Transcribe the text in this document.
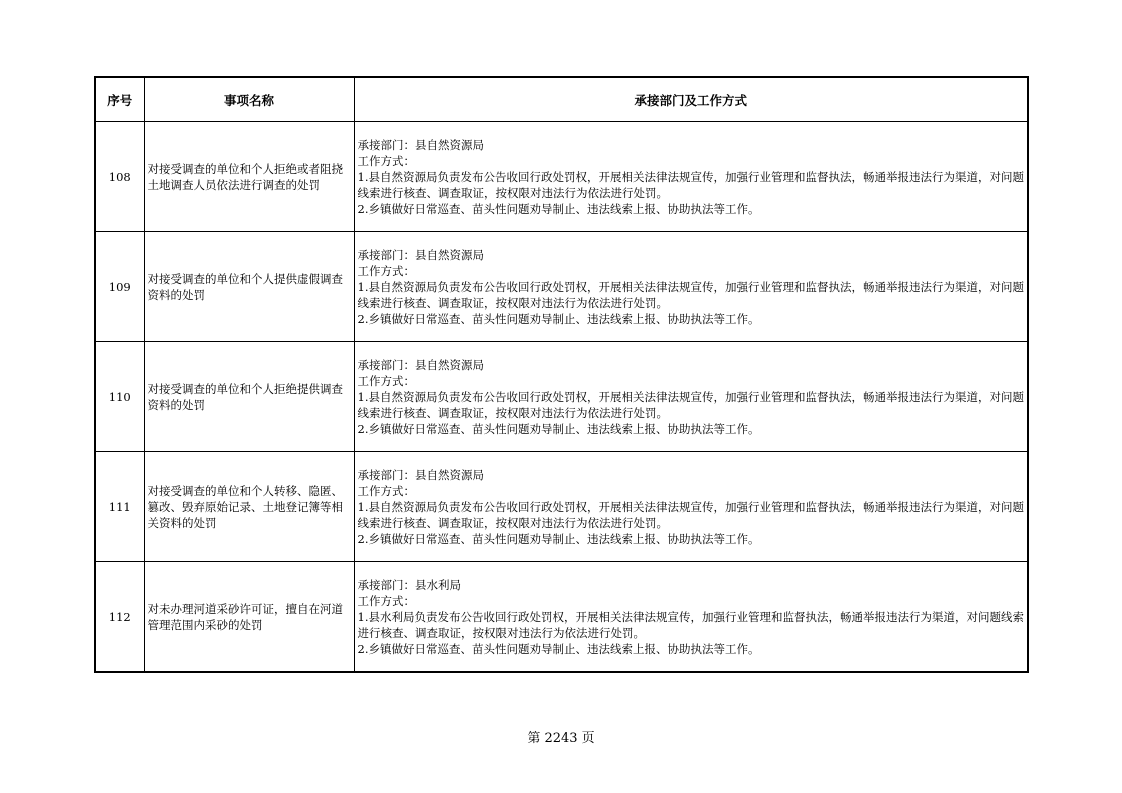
序号	事项名称	承接部门及工作方式
108	对接受调查的单位和个人拒绝或者阻挠土地调查人员依法进行调查的处罚	承接部门：县自然资源局
工作方式：
1.县自然资源局负责发布公告收回行政处罚权，开展相关法律法规宣传，加强行业管理和监督执法，畅通举报违法行为渠道，对问题线索进行核查、调查取证，按权限对违法行为依法进行处罚。
2.乡镇做好日常巡查、苗头性问题劝导制止、违法线索上报、协助执法等工作。

109	对接受调查的单位和个人提供虚假调查资料的处罚	承接部门：县自然资源局
工作方式：
1.县自然资源局负责发布公告收回行政处罚权，开展相关法律法规宣传，加强行业管理和监督执法，畅通举报违法行为渠道，对问题线索进行核查、调查取证，按权限对违法行为依法进行处罚。
2.乡镇做好日常巡查、苗头性问题劝导制止、违法线索上报、协助执法等工作。

110	对接受调查的单位和个人拒绝提供调查资料的处罚	承接部门：县自然资源局
工作方式：
1.县自然资源局负责发布公告收回行政处罚权，开展相关法律法规宣传，加强行业管理和监督执法，畅通举报违法行为渠道，对问题线索进行核查、调查取证，按权限对违法行为依法进行处罚。
2.乡镇做好日常巡查、苗头性问题劝导制止、违法线索上报、协助执法等工作。

111	对接受调查的单位和个人转移、隐匿、篡改、毁弃原始记录、土地登记簿等相关资料的处罚	承接部门：县自然资源局
工作方式：
1.县自然资源局负责发布公告收回行政处罚权，开展相关法律法规宣传，加强行业管理和监督执法，畅通举报违法行为渠道，对问题线索进行核查、调查取证，按权限对违法行为依法进行处罚。
2.乡镇做好日常巡查、苗头性问题劝导制止、违法线索上报、协助执法等工作。

112	对未办理河道采砂许可证，擅自在河道管理范围内采砂的处罚	承接部门：县水利局
工作方式：
1.县水利局负责发布公告收回行政处罚权，开展相关法律法规宣传，加强行业管理和监督执法，畅通举报违法行为渠道，对问题线索进行核查、调查取证，按权限对违法行为依法进行处罚。
2.乡镇做好日常巡查、苗头性问题劝导制止、违法线索上报、协助执法等工作。
第 2243 页
